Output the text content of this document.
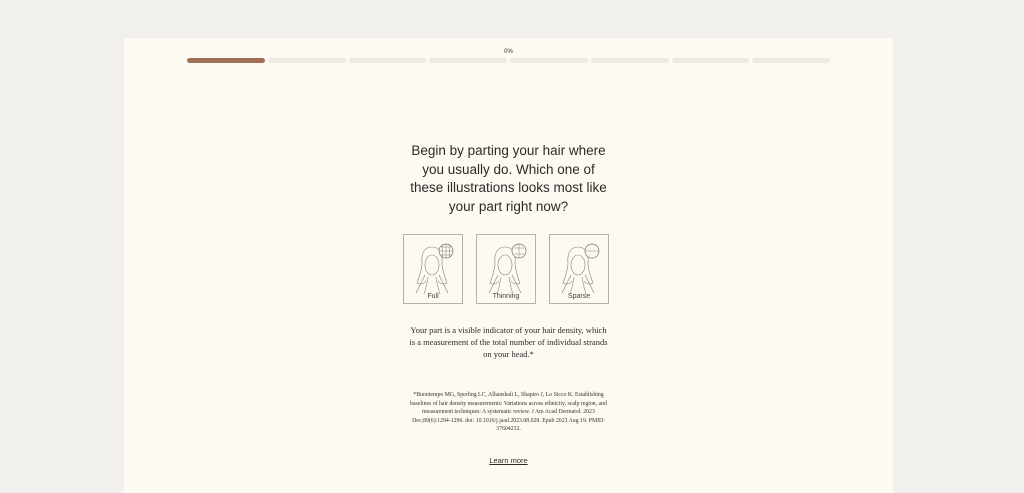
0%
Begin by parting your hair where you usually do. Which one of these illustrations looks most like your part right now?
Full	Thinning	Sparse
Your part is a visible indicator of your hair density, which is a measurement of the total number of individual strands on your head.*
*Buontempo MG, Sperling LC, Alhanshali L, Shapiro J, Lo Sicco K. Establishing baselines of hair density measurements: Variations across ethnicity, scalp region, and measurement techniques: A systematic review. J Am Acad Dermatol. 2023 Dec;89(6):1294-1296. doi: 10.1016/j.jaad.2023.08.028. Epub 2023 Aug 19. PMID: 37604232.
Learn more
